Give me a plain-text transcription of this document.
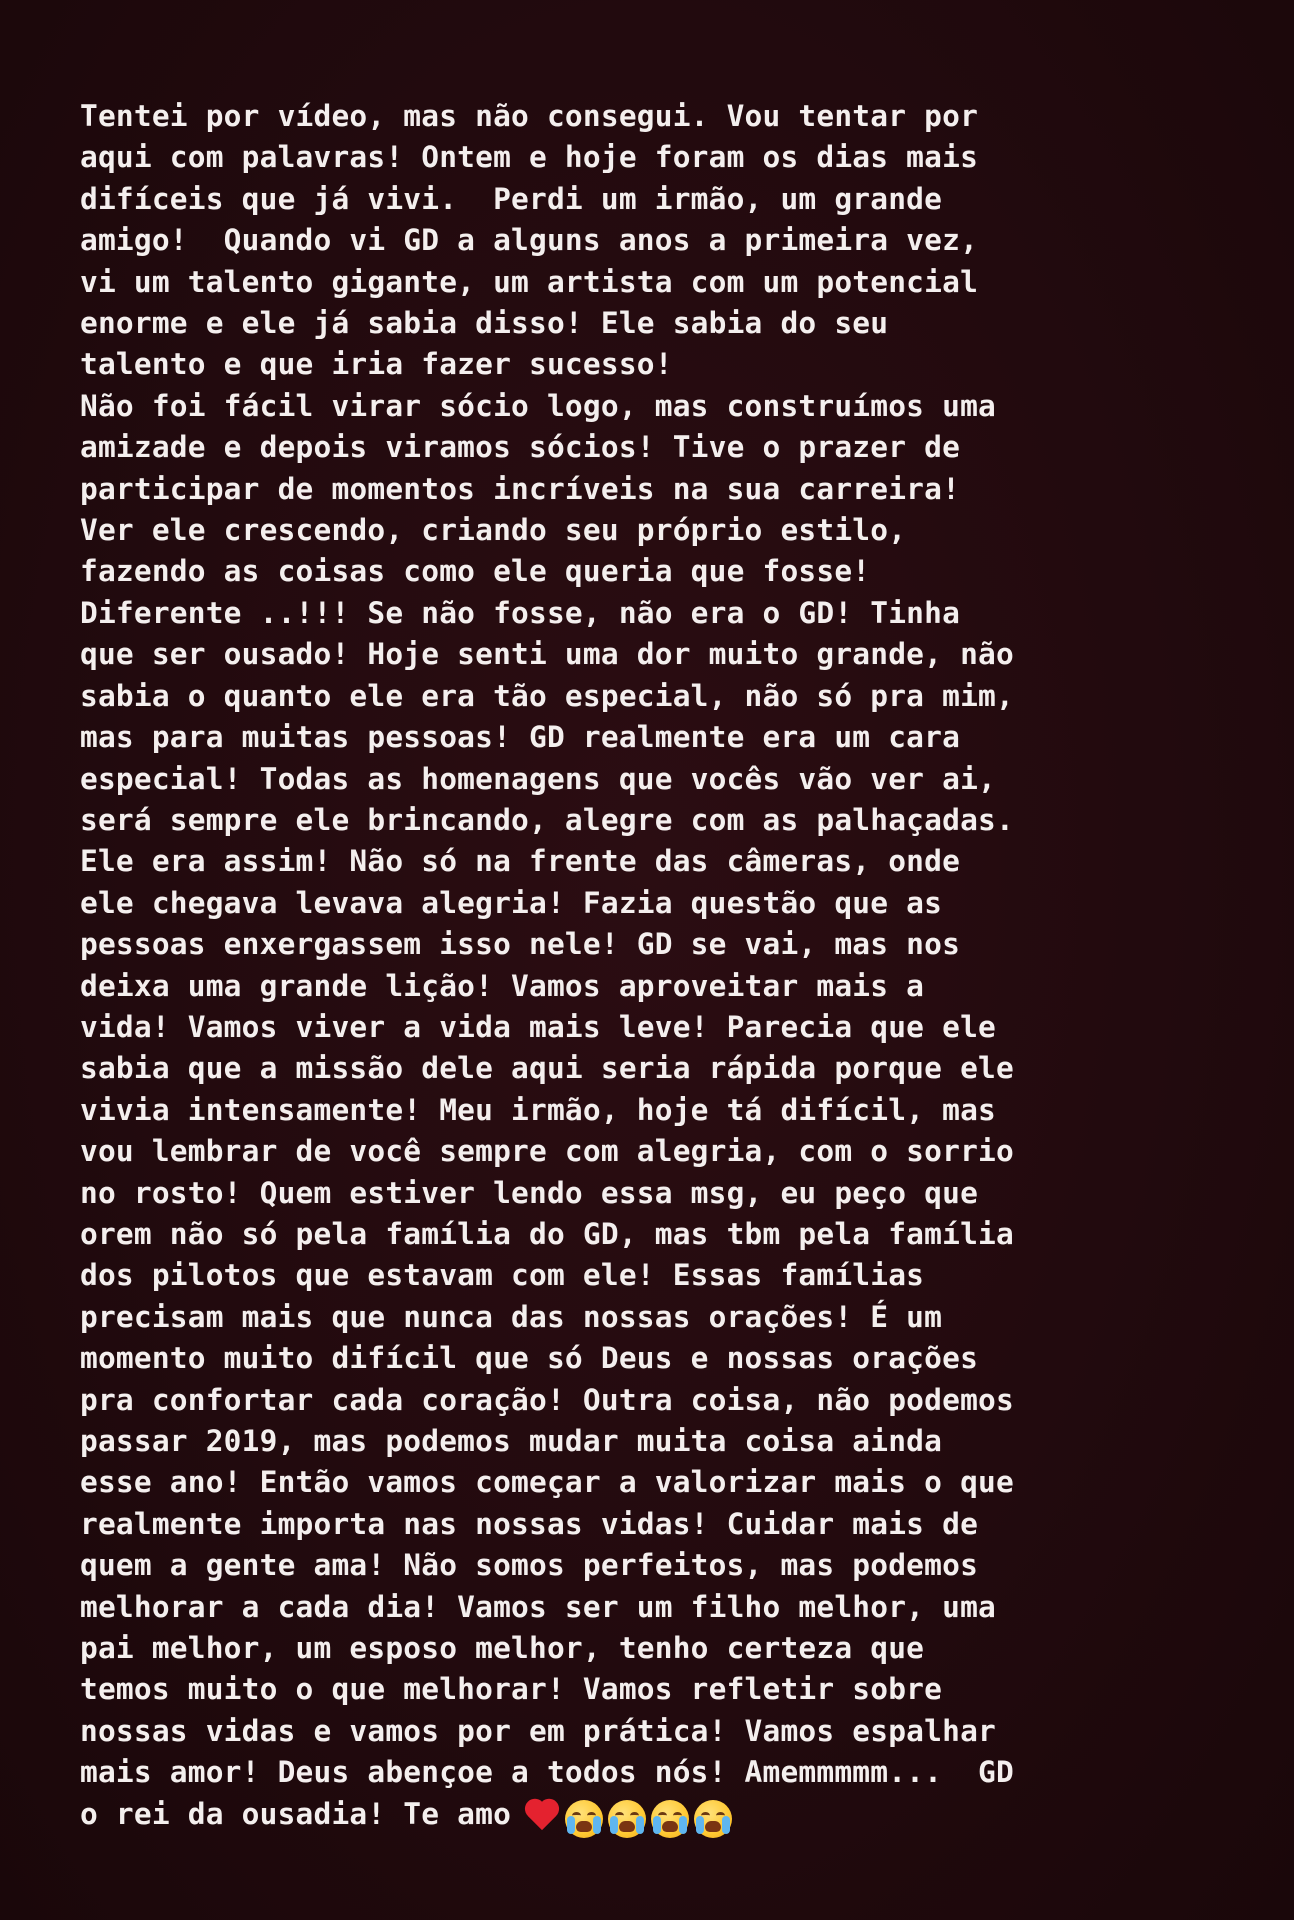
Tentei por vídeo, mas não consegui. Vou tentar por
aqui com palavras! Ontem e hoje foram os dias mais
difíceis que já vivi.  Perdi um irmão, um grande
amigo!  Quando vi GD a alguns anos a primeira vez,
vi um talento gigante, um artista com um potencial
enorme e ele já sabia disso! Ele sabia do seu
talento e que iria fazer sucesso!
Não foi fácil virar sócio logo, mas construímos uma
amizade e depois viramos sócios! Tive o prazer de
participar de momentos incríveis na sua carreira!
Ver ele crescendo, criando seu próprio estilo,
fazendo as coisas como ele queria que fosse!
Diferente ..!!! Se não fosse, não era o GD! Tinha
que ser ousado! Hoje senti uma dor muito grande, não
sabia o quanto ele era tão especial, não só pra mim,
mas para muitas pessoas! GD realmente era um cara
especial! Todas as homenagens que vocês vão ver ai,
será sempre ele brincando, alegre com as palhaçadas.
Ele era assim! Não só na frente das câmeras, onde
ele chegava levava alegria! Fazia questão que as
pessoas enxergassem isso nele! GD se vai, mas nos
deixa uma grande lição! Vamos aproveitar mais a
vida! Vamos viver a vida mais leve! Parecia que ele
sabia que a missão dele aqui seria rápida porque ele
vivia intensamente! Meu irmão, hoje tá difícil, mas
vou lembrar de você sempre com alegria, com o sorrio
no rosto! Quem estiver lendo essa msg, eu peço que
orem não só pela família do GD, mas tbm pela família
dos pilotos que estavam com ele! Essas famílias
precisam mais que nunca das nossas orações! É um
momento muito difícil que só Deus e nossas orações
pra confortar cada coração! Outra coisa, não podemos
passar 2019, mas podemos mudar muita coisa ainda
esse ano! Então vamos começar a valorizar mais o que
realmente importa nas nossas vidas! Cuidar mais de
quem a gente ama! Não somos perfeitos, mas podemos
melhorar a cada dia! Vamos ser um filho melhor, uma
pai melhor, um esposo melhor, tenho certeza que
temos muito o que melhorar! Vamos refletir sobre
nossas vidas e vamos por em prática! Vamos espalhar
mais amor! Deus abençoe a todos nós! Amemmmmm...  GD
o rei da ousadia! Te amo
